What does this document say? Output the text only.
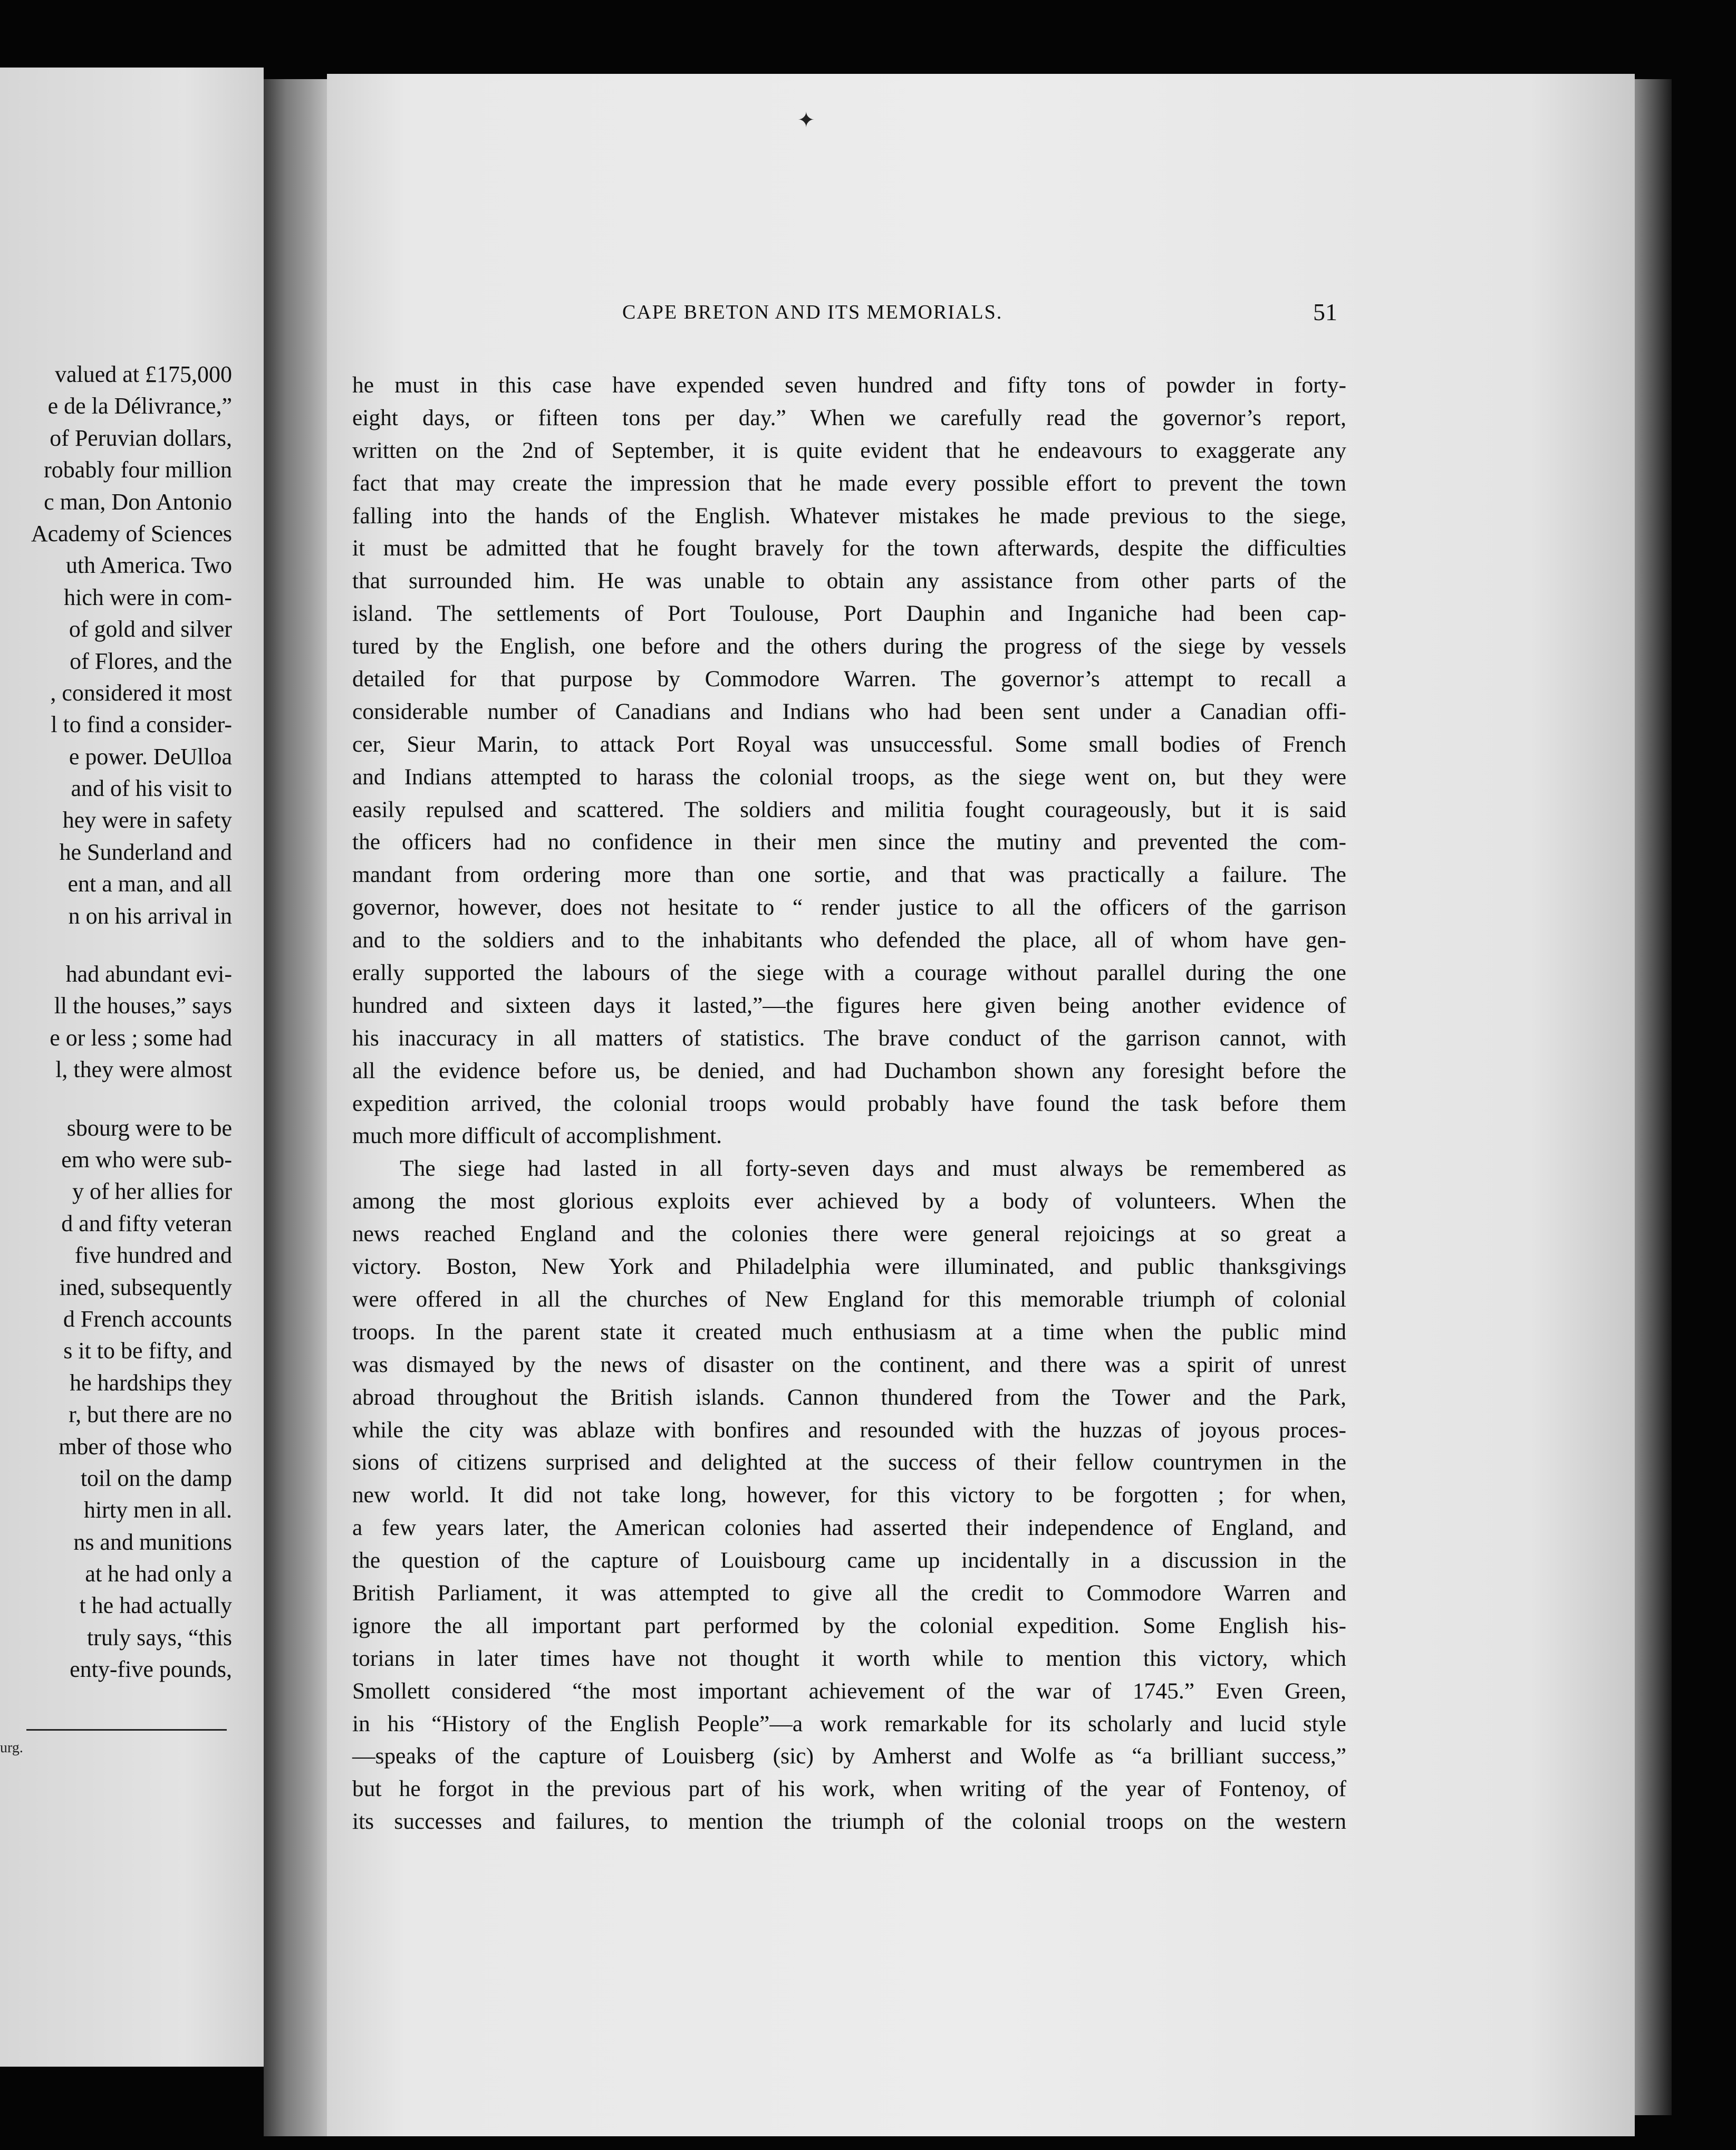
valued at £175,000
e de la Délivrance,”
of Peruvian dollars,
robably four million
c man, Don Antonio
Academy of Sciences
uth America. Two
hich were in com-
of gold and silver
of Flores, and the
, considered it most
l to find a consider-
e power. DeUlloa
and of his visit to
hey were in safety
he Sunderland and
ent a man, and all
n on his arrival in
had abundant evi-
ll the houses,” says
e or less ; some had
l, they were almost
sbourg were to be
em who were sub-
y of her allies for
d and fifty veteran
five hundred and
ined, subsequently
d French accounts
s it to be fifty, and
he hardships they
r, but there are no
mber of those who
toil on the damp
hirty men in all.
ns and munitions
at he had only a
t he had actually
truly says, “this
enty-five pounds,
urg.
✦
CAPE BRETON AND ITS MEMORIALS.	51
he must in this case have expended seven hundred and fifty tons of powder in forty-
eight days, or fifteen tons per day.” When we carefully read the governor’s report,
written on the 2nd of September, it is quite evident that he endeavours to exaggerate any
fact that may create the impression that he made every possible effort to prevent the town
falling into the hands of the English. Whatever mistakes he made previous to the siege,
it must be admitted that he fought bravely for the town afterwards, despite the difficulties
that surrounded him. He was unable to obtain any assistance from other parts of the
island. The settlements of Port Toulouse, Port Dauphin and Inganiche had been cap-
tured by the English, one before and the others during the progress of the siege by vessels
detailed for that purpose by Commodore Warren. The governor’s attempt to recall a
considerable number of Canadians and Indians who had been sent under a Canadian offi-
cer, Sieur Marin, to attack Port Royal was unsuccessful. Some small bodies of French
and Indians attempted to harass the colonial troops, as the siege went on, but they were
easily repulsed and scattered. The soldiers and militia fought courageously, but it is said
the officers had no confidence in their men since the mutiny and prevented the com-
mandant from ordering more than one sortie, and that was practically a failure. The
governor, however, does not hesitate to “ render justice to all the officers of the garrison
and to the soldiers and to the inhabitants who defended the place, all of whom have gen-
erally supported the labours of the siege with a courage without parallel during the one
hundred and sixteen days it lasted,”—the figures here given being another evidence of
his inaccuracy in all matters of statistics. The brave conduct of the garrison cannot, with
all the evidence before us, be denied, and had Duchambon shown any foresight before the
expedition arrived, the colonial troops would probably have found the task before them
much more difficult of accomplishment.
The siege had lasted in all forty-seven days and must always be remembered as
among the most glorious exploits ever achieved by a body of volunteers. When the
news reached England and the colonies there were general rejoicings at so great a
victory. Boston, New York and Philadelphia were illuminated, and public thanksgivings
were offered in all the churches of New England for this memorable triumph of colonial
troops. In the parent state it created much enthusiasm at a time when the public mind
was dismayed by the news of disaster on the continent, and there was a spirit of unrest
abroad throughout the British islands. Cannon thundered from the Tower and the Park,
while the city was ablaze with bonfires and resounded with the huzzas of joyous proces-
sions of citizens surprised and delighted at the success of their fellow countrymen in the
new world. It did not take long, however, for this victory to be forgotten ; for when,
a few years later, the American colonies had asserted their independence of England, and
the question of the capture of Louisbourg came up incidentally in a discussion in the
British Parliament, it was attempted to give all the credit to Commodore Warren and
ignore the all important part performed by the colonial expedition. Some English his-
torians in later times have not thought it worth while to mention this victory, which
Smollett considered “the most important achievement of the war of 1745.” Even Green,
in his “History of the English People”—a work remarkable for its scholarly and lucid style
—speaks of the capture of Louisberg (sic) by Amherst and Wolfe as “a brilliant success,”
but he forgot in the previous part of his work, when writing of the year of Fontenoy, of
its successes and failures, to mention the triumph of the colonial troops on the western
